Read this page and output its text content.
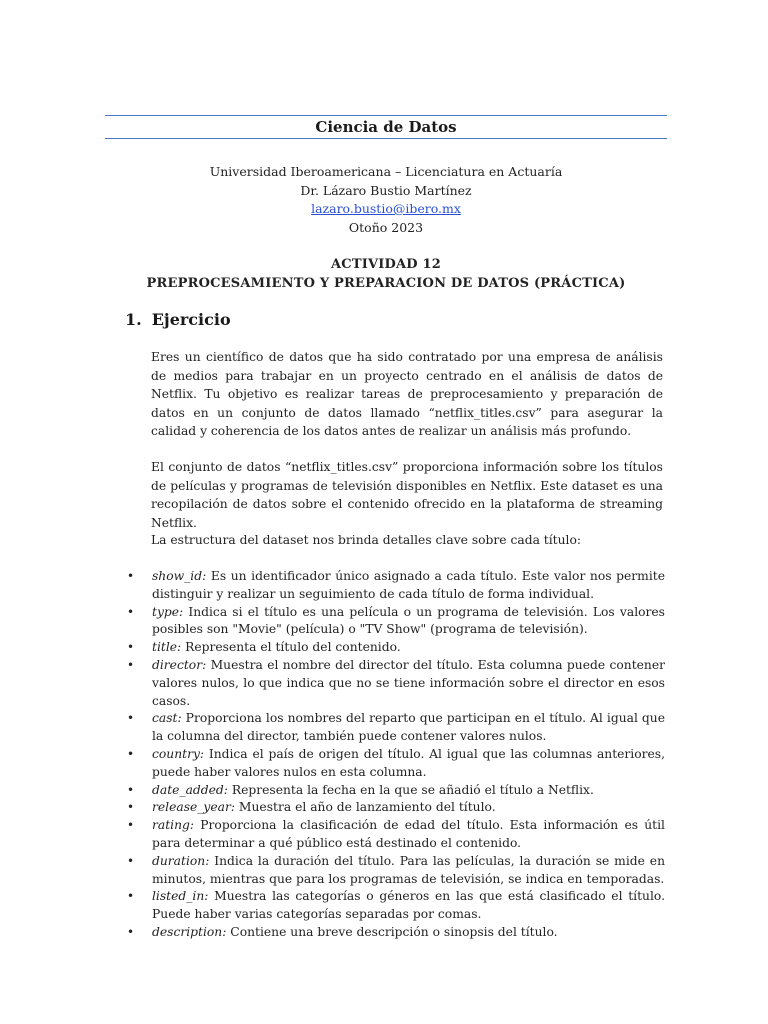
Ciencia de Datos
Universidad Iberoamericana – Licenciatura en Actuaría
Dr. Lázaro Bustio Martínez
lazaro.bustio@ibero.mx
Otoño 2023
ACTIVIDAD 12
PREPROCESAMIENTO Y PREPARACION DE DATOS (PRÁCTICA)
1. Ejercicio
Eres un científico de datos que ha sido contratado por una empresa de análisis de medios para trabajar en un proyecto centrado en el análisis de datos de Netflix. Tu objetivo es realizar tareas de preprocesamiento y preparación de datos en un conjunto de datos llamado “netflix_titles.csv” para asegurar la calidad y coherencia de los datos antes de realizar un análisis más profundo.
El conjunto de datos “netflix_titles.csv” proporciona información sobre los títulos de películas y programas de televisión disponibles en Netflix. Este dataset es una recopilación de datos sobre el contenido ofrecido en la plataforma de streaming Netflix.
La estructura del dataset nos brinda detalles clave sobre cada título:
• show_id: Es un identificador único asignado a cada título. Este valor nos permite distinguir y realizar un seguimiento de cada título de forma individual.
• type: Indica si el título es una película o un programa de televisión. Los valores posibles son "Movie" (película) o "TV Show" (programa de televisión).
• title: Representa el título del contenido.
• director: Muestra el nombre del director del título. Esta columna puede contener valores nulos, lo que indica que no se tiene información sobre el director en esos casos.
• cast: Proporciona los nombres del reparto que participan en el título. Al igual que la columna del director, también puede contener valores nulos.
• country: Indica el país de origen del título. Al igual que las columnas anteriores, puede haber valores nulos en esta columna.
• date_added: Representa la fecha en la que se añadió el título a Netflix.
• release_year: Muestra el año de lanzamiento del título.
• rating: Proporciona la clasificación de edad del título. Esta información es útil para determinar a qué público está destinado el contenido.
• duration: Indica la duración del título. Para las películas, la duración se mide en minutos, mientras que para los programas de televisión, se indica en temporadas.
• listed_in: Muestra las categorías o géneros en las que está clasificado el título. Puede haber varias categorías separadas por comas.
• description: Contiene una breve descripción o sinopsis del título.
